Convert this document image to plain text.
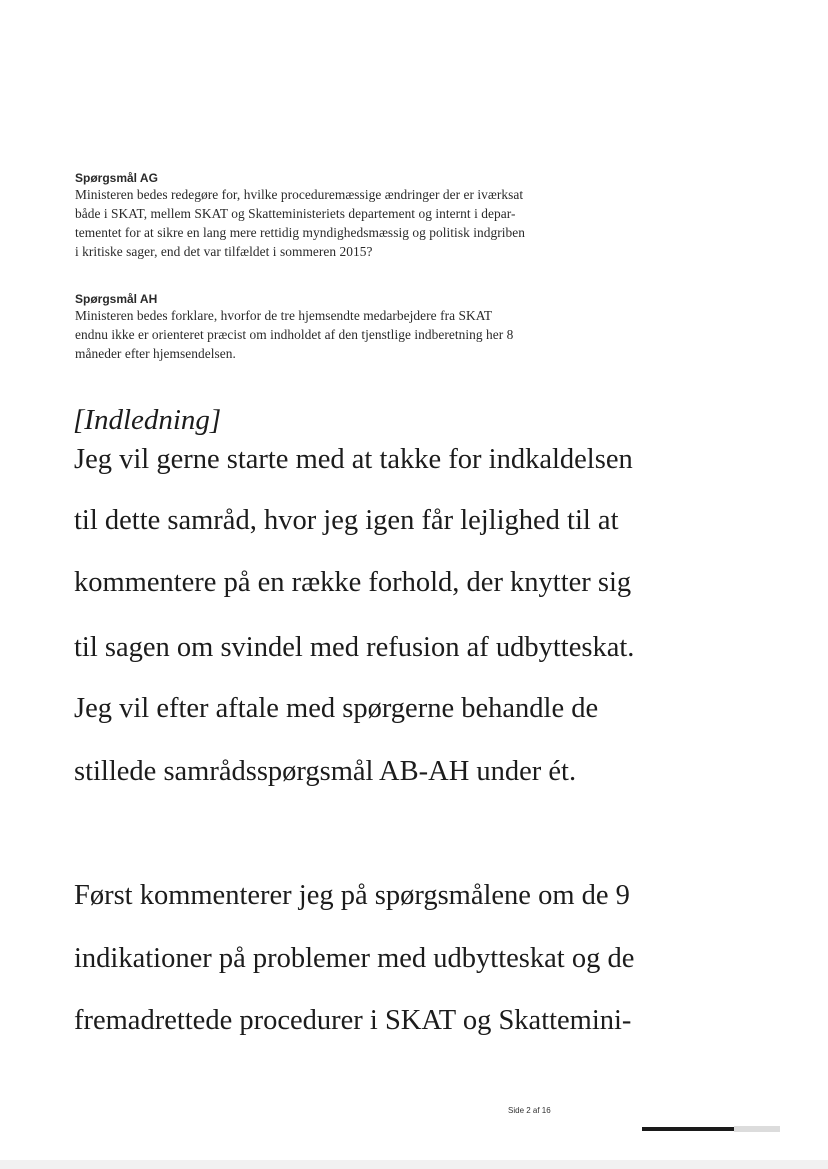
Spørgsmål AG
Ministeren bedes redegøre for, hvilke proceduremæssige ændringer der er iværksat
både i SKAT, mellem SKAT og Skatteministeriets departement og internt i depar-
tementet for at sikre en lang mere rettidig myndighedsmæssig og politisk indgriben
i kritiske sager, end det var tilfældet i sommeren 2015?
Spørgsmål AH
Ministeren bedes forklare, hvorfor de tre hjemsendte medarbejdere fra SKAT
endnu ikke er orienteret præcist om indholdet af den tjenstlige indberetning her 8
måneder efter hjemsendelsen.
[Indledning]
Jeg vil gerne starte med at takke for indkaldelsen
til dette samråd, hvor jeg igen får lejlighed til at
kommentere på en række forhold, der knytter sig
til sagen om svindel med refusion af udbytteskat.
Jeg vil efter aftale med spørgerne behandle de
stillede samrådsspørgsmål AB-AH under ét.
Først kommenterer jeg på spørgsmålene om de 9
indikationer på problemer med udbytteskat og de
fremadrettede procedurer i SKAT og Skattemini-
Side 2 af 16
